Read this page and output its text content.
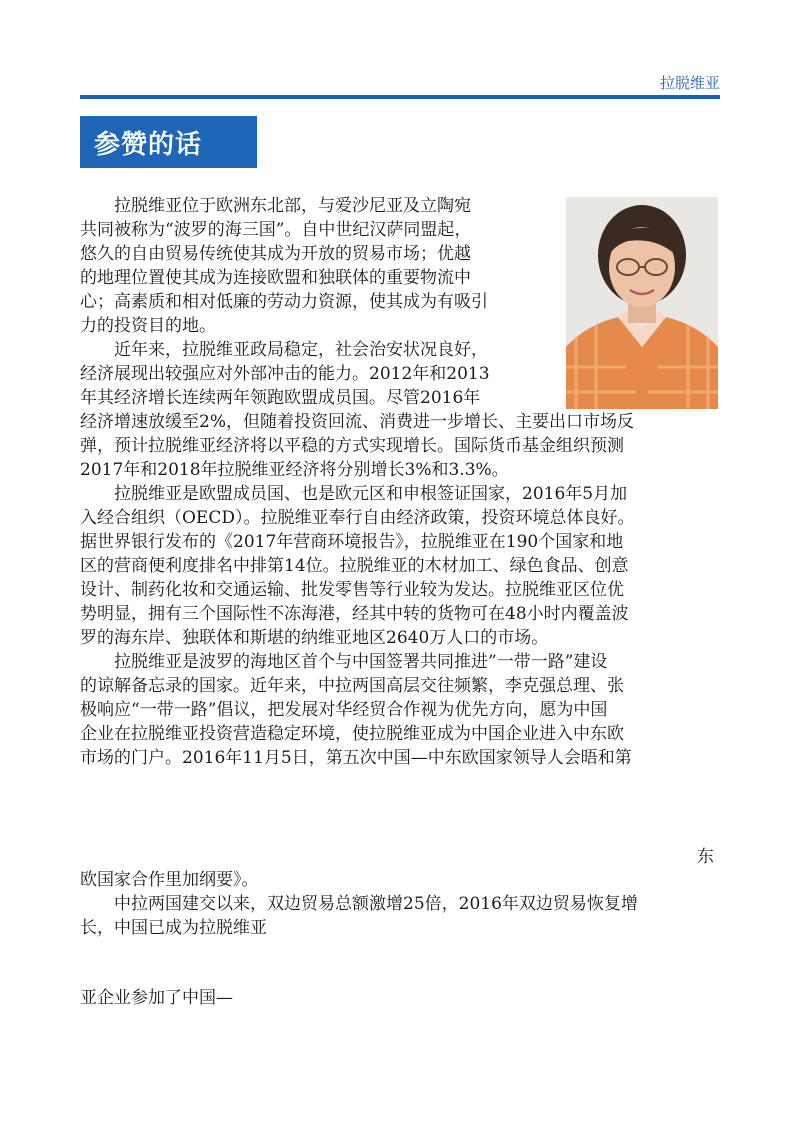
拉脱维亚
参赞的话
拉脱维亚位于欧洲东北部，与爱沙尼亚及立陶宛
共同被称为“波罗的海三国”。自中世纪汉萨同盟起，
悠久的自由贸易传统使其成为开放的贸易市场；优越
的地理位置使其成为连接欧盟和独联体的重要物流中
心；高素质和相对低廉的劳动力资源，使其成为有吸引
力的投资目的地。
近年来，拉脱维亚政局稳定，社会治安状况良好，
经济展现出较强应对外部冲击的能力。2012年和2013
年其经济增长连续两年领跑欧盟成员国。尽管2016年
经济增速放缓至2%，但随着投资回流、消费进一步增长、主要出口市场反
弹，预计拉脱维亚经济将以平稳的方式实现增长。国际货币基金组织预测
2017年和2018年拉脱维亚经济将分别增长3%和3.3%。
拉脱维亚是欧盟成员国、也是欧元区和申根签证国家，2016年5月加
入经合组织（OECD）。拉脱维亚奉行自由经济政策，投资环境总体良好。
据世界银行发布的《2017年营商环境报告》，拉脱维亚在190个国家和地
区的营商便利度排名中排第14位。拉脱维亚的木材加工、绿色食品、创意
设计、制药化妆和交通运输、批发零售等行业较为发达。拉脱维亚区位优
势明显，拥有三个国际性不冻海港，经其中转的货物可在48小时内覆盖波
罗的海东岸、独联体和斯堪的纳维亚地区2640万人口的市场。
拉脱维亚是波罗的海地区首个与中国签署共同推进”一带一路”建设
的谅解备忘录的国家。近年来，中拉两国高层交往频繁，李克强总理、张
极响应“一带一路”倡议，把发展对华经贸合作视为优先方向，愿为中国
企业在拉脱维亚投资营造稳定环境，使拉脱维亚成为中国企业进入中东欧
市场的门户。2016年11月5日，第五次中国—中东欧国家领导人会晤和第
东
欧国家合作里加纲要》。
中拉两国建交以来，双边贸易总额激增25倍，2016年双边贸易恢复增
长，中国已成为拉脱维亚
亚企业参加了中国—
